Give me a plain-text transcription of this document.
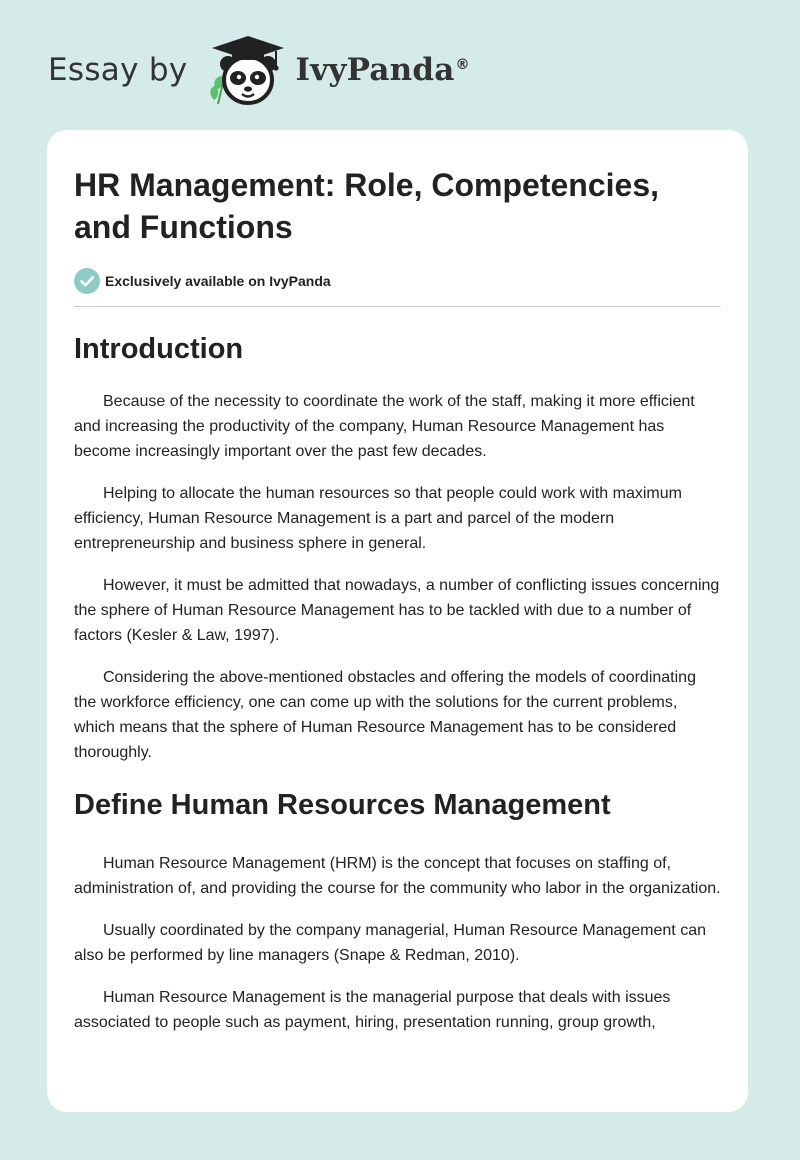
Essay by	IvyPanda®
HR Management: Role, Competencies, and Functions
Exclusively available on IvyPanda
Introduction

Because of the necessity to coordinate the work of the staff, making it more efficient and increasing the productivity of the company, Human Resource Management has become increasingly important over the past few decades.

Helping to allocate the human resources so that people could work with maximum efficiency, Human Resource Management is a part and parcel of the modern entrepreneurship and business sphere in general.

However, it must be admitted that nowadays, a number of conflicting issues concerning the sphere of Human Resource Management has to be tackled with due to a number of factors (Kesler & Law, 1997).

Considering the above-mentioned obstacles and offering the models of coordinating the workforce efficiency, one can come up with the solutions for the current problems, which means that the sphere of Human Resource Management has to be considered thoroughly.

Define Human Resources Management

Human Resource Management (HRM) is the concept that focuses on staffing of, administration of, and providing the course for the community who labor in the organization.

Usually coordinated by the company managerial, Human Resource Management can also be performed by line managers (Snape & Redman, 2010).

Human Resource Management is the managerial purpose that deals with issues associated to people such as payment, hiring, presentation running, group growth,
